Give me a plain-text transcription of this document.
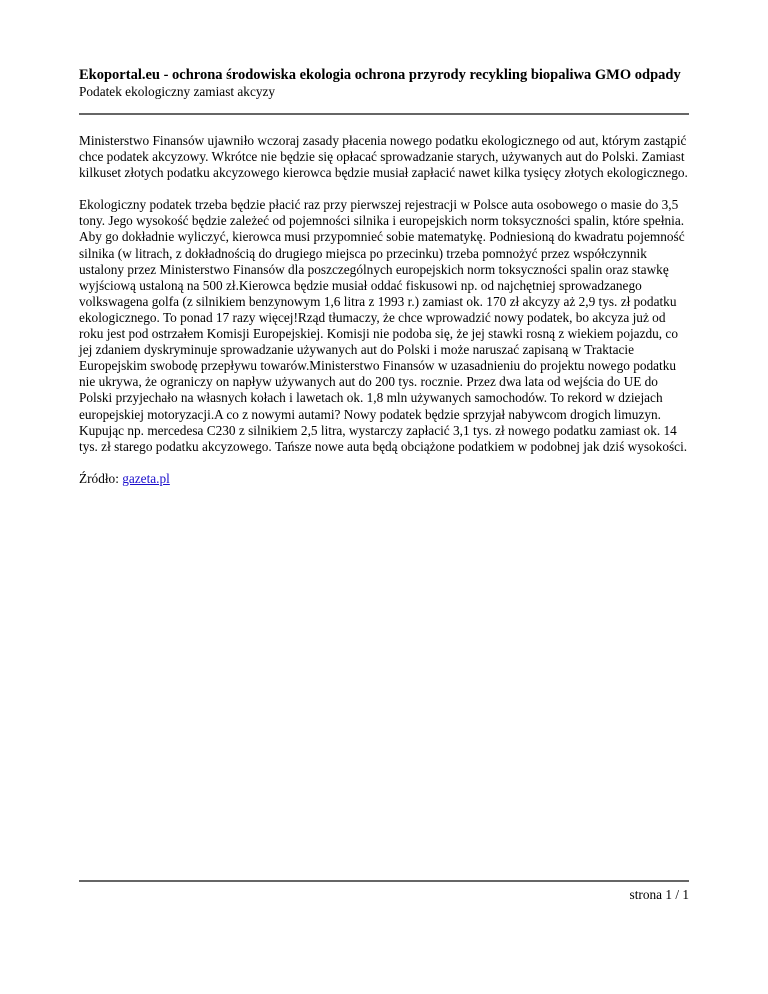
Ekoportal.eu - ochrona środowiska ekologia ochrona przyrody recykling biopaliwa GMO odpady
Podatek ekologiczny zamiast akcyzy

Ministerstwo Finansów ujawniło wczoraj zasady płacenia nowego podatku ekologicznego od aut, którym zastąpić chce podatek akcyzowy. Wkrótce nie będzie się opłacać sprowadzanie starych, używanych aut do Polski. Zamiast kilkuset złotych podatku akcyzowego kierowca będzie musiał zapłacić nawet kilka tysięcy złotych ekologicznego.

Ekologiczny podatek trzeba będzie płacić raz przy pierwszej rejestracji w Polsce auta osobowego o masie do 3,5 tony. Jego wysokość będzie zależeć od pojemności silnika i europejskich norm toksyczności spalin, które spełnia. Aby go dokładnie wyliczyć, kierowca musi przypomnieć sobie matematykę. Podniesioną do kwadratu pojemność silnika (w litrach, z dokładnością do drugiego miejsca po przecinku) trzeba pomnożyć przez współczynnik ustalony przez Ministerstwo Finansów dla poszczególnych europejskich norm toksyczności spalin oraz stawkę wyjściową ustaloną na 500 zł.Kierowca będzie musiał oddać fiskusowi np. od najchętniej sprowadzanego volkswagena golfa (z silnikiem benzynowym 1,6 litra z 1993 r.) zamiast ok. 170 zł akcyzy aż 2,9 tys. zł podatku ekologicznego. To ponad 17 razy więcej!Rząd tłumaczy, że chce wprowadzić nowy podatek, bo akcyza już od roku jest pod ostrzałem Komisji Europejskiej. Komisji nie podoba się, że jej stawki rosną z wiekiem pojazdu, co jej zdaniem dyskryminuje sprowadzanie używanych aut do Polski i może naruszać zapisaną w Traktacie Europejskim swobodę przepływu towarów.Ministerstwo Finansów w uzasadnieniu do projektu nowego podatku nie ukrywa, że ograniczy on napływ używanych aut do 200 tys. rocznie. Przez dwa lata od wejścia do UE do Polski przyjechało na własnych kołach i lawetach ok. 1,8 mln używanych samochodów. To rekord w dziejach europejskiej motoryzacji.A co z nowymi autami? Nowy podatek będzie sprzyjał nabywcom drogich limuzyn. Kupując np. mercedesa C230 z silnikiem 2,5 litra, wystarczy zapłacić 3,1 tys. zł nowego podatku zamiast ok. 14 tys. zł starego podatku akcyzowego. Tańsze nowe auta będą obciążone podatkiem w podobnej jak dziś wysokości.

Źródło: gazeta.pl

strona 1 / 1
